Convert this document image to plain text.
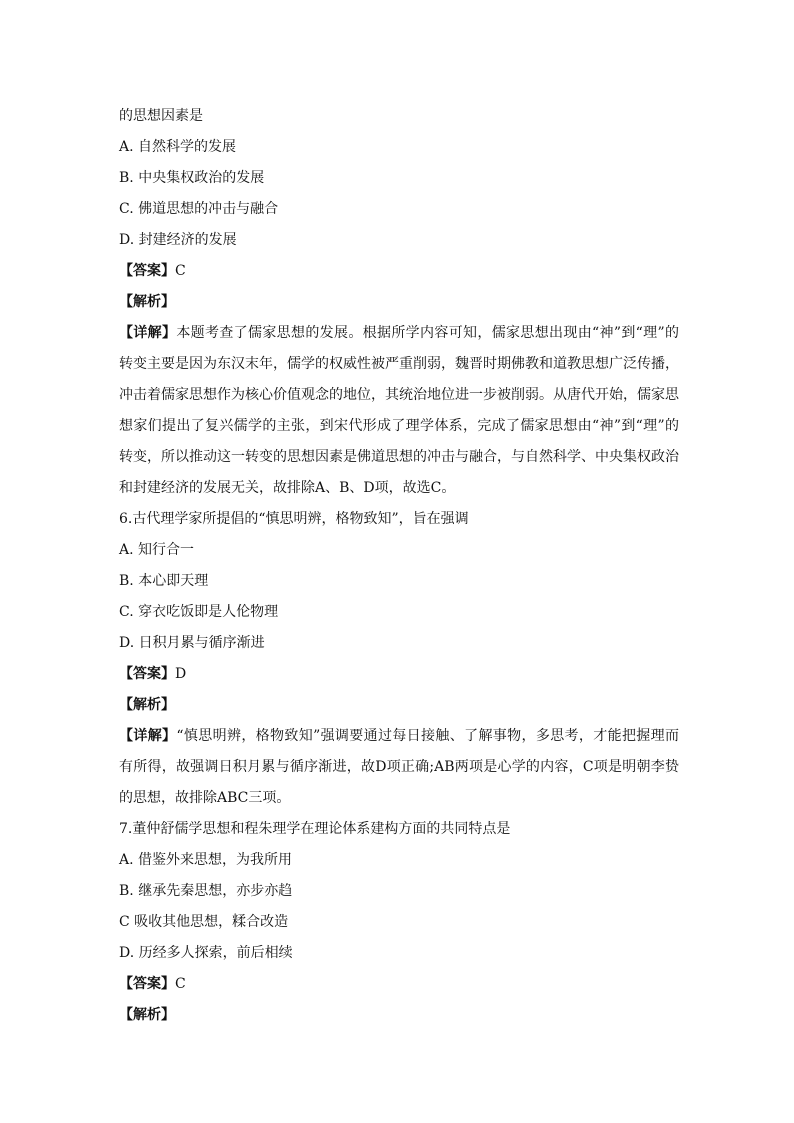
的思想因素是
A. 自然科学的发展
B. 中央集权政治的发展
C. 佛道思想的冲击与融合
D. 封建经济的发展
【答案】C
【解析】
【详解】本题考查了儒家思想的发展。根据所学内容可知，儒家思想出现由“神”到“理”的转变主要是因为东汉末年，儒学的权威性被严重削弱，魏晋时期佛教和道教思想广泛传播，冲击着儒家思想作为核心价值观念的地位，其统治地位进一步被削弱。从唐代开始，儒家思想家们提出了复兴儒学的主张，到宋代形成了理学体系，完成了儒家思想由“神”到“理”的转变，所以推动这一转变的思想因素是佛道思想的冲击与融合，与自然科学、中央集权政治和封建经济的发展无关，故排除A、B、D项，故选C。
6.古代理学家所提倡的“慎思明辨，格物致知”，旨在强调
A. 知行合一
B. 本心即天理
C. 穿衣吃饭即是人伦物理
D. 日积月累与循序渐进
【答案】D
【解析】
【详解】“慎思明辨，格物致知”强调要通过每日接触、了解事物，多思考，才能把握理而有所得，故强调日积月累与循序渐进，故D项正确;AB两项是心学的内容，C项是明朝李贽的思想，故排除ABC三项。
7.董仲舒儒学思想和程朱理学在理论体系建构方面的共同特点是
A. 借鉴外来思想，为我所用
B. 继承先秦思想，亦步亦趋
C 吸收其他思想，糅合改造
D. 历经多人探索，前后相续
【答案】C
【解析】
